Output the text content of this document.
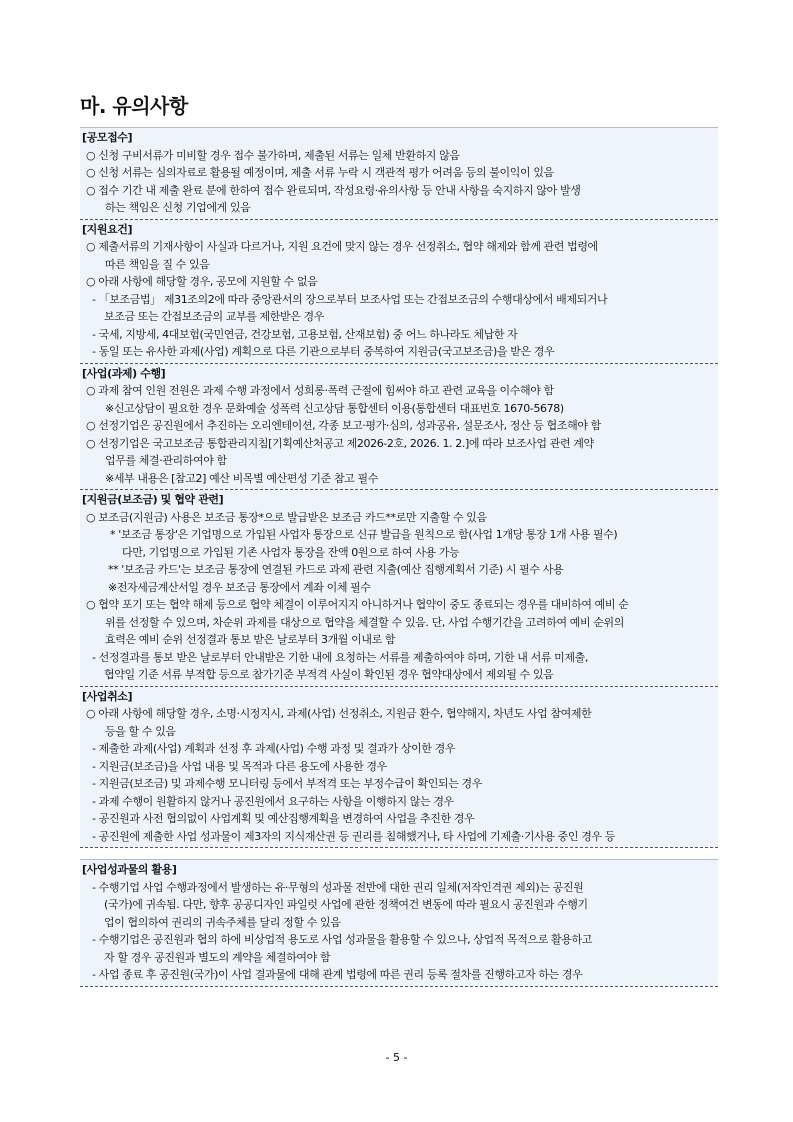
마. 유의사항
[공모접수]
○ 신청 구비서류가 미비할 경우 접수 불가하며, 제출된 서류는 일체 반환하지 않음
○ 신청 서류는 심의자료로 활용될 예정이며, 제출 서류 누락 시 객관적 평가 어려움 등의 불이익이 있음
○ 접수 기간 내 제출 완료 분에 한하여 접수 완료되며, 작성요령·유의사항 등 안내 사항을 숙지하지 않아 발생
하는 책임은 신청 기업에게 있음
[지원요건]
○ 제출서류의 기재사항이 사실과 다르거나, 지원 요건에 맞지 않는 경우 선정취소, 협약 해제와 함께 관련 법령에
따른 책임을 질 수 있음
○ 아래 사항에 해당할 경우, 공모에 지원할 수 없음
- 「보조금법」 제31조의2에 따라 중앙관서의 장으로부터 보조사업 또는 간접보조금의 수행대상에서 배제되거나
보조금 또는 간접보조금의 교부를 제한받은 경우
- 국세, 지방세, 4대보험(국민연금, 건강보험, 고용보험, 산재보험) 중 어느 하나라도 체납한 자
- 동일 또는 유사한 과제(사업) 계획으로 다른 기관으로부터 중복하여 지원금(국고보조금)을 받은 경우
[사업(과제) 수행]
○ 과제 참여 인원 전원은 과제 수행 과정에서 성희롱·폭력 근절에 힘써야 하고 관련 교육을 이수해야 함
※신고상담이 필요한 경우 문화예술 성폭력 신고상담 통합센터 이용(통합센터 대표번호 1670-5678)
○ 선정기업은 공진원에서 추진하는 오리엔테이션, 각종 보고·평가·심의, 성과공유, 설문조사, 정산 등 협조해야 함
○ 선정기업은 국고보조금 통합관리지침[기획예산처공고 제2026-2호, 2026. 1. 2.]에 따라 보조사업 관련 계약
업무를 체결·관리하여야 함
※세부 내용은 [참고2] 예산 비목별 예산편성 기준 참고 필수
[지원금(보조금) 및 협약 관련]
○ 보조금(지원금) 사용은 보조금 통장*으로 발급받은 보조금 카드**로만 지출할 수 있음
* '보조금 통장'은 기업명으로 가입된 사업자 통장으로 신규 발급을 원칙으로 함(사업 1개당 통장 1개 사용 필수)
다만, 기업명으로 가입된 기존 사업자 통장을 잔액 0원으로 하여 사용 가능
** '보조금 카드'는 보조금 통장에 연결된 카드로 과제 관련 지출(예산 집행계획서 기준) 시 필수 사용
※전자세금계산서일 경우 보조금 통장에서 계좌 이체 필수
○ 협약 포기 또는 협약 해제 등으로 협약 체결이 이루어지지 아니하거나 협약이 중도 종료되는 경우를 대비하여 예비 순
위를 선정할 수 있으며, 차순위 과제를 대상으로 협약을 체결할 수 있음. 단, 사업 수행기간을 고려하여 예비 순위의
효력은 예비 순위 선정결과 통보 받은 날로부터 3개월 이내로 함
- 선정결과를 통보 받은 날로부터 안내받은 기한 내에 요청하는 서류를 제출하여야 하며, 기한 내 서류 미제출,
협약일 기준 서류 부적합 등으로 참가기준 부적격 사실이 확인된 경우 협약대상에서 제외될 수 있음
[사업취소]
○ 아래 사항에 해당할 경우, 소명·시정지시, 과제(사업) 선정취소, 지원금 환수, 협약해지, 차년도 사업 참여제한
등을 할 수 있음
- 제출한 과제(사업) 계획과 선정 후 과제(사업) 수행 과정 및 결과가 상이한 경우
- 지원금(보조금)을 사업 내용 및 목적과 다른 용도에 사용한 경우
- 지원금(보조금) 및 과제수행 모니터링 등에서 부적격 또는 부정수급이 확인되는 경우
- 과제 수행이 원활하지 않거나 공진원에서 요구하는 사항을 이행하지 않는 경우
- 공진원과 사전 협의없이 사업계획 및 예산집행계획을 변경하여 사업을 추진한 경우
- 공진원에 제출한 사업 성과물이 제3자의 지식재산권 등 권리를 침해했거나, 타 사업에 기제출·기사용 중인 경우 등
[사업성과물의 활용]
- 수행기업 사업 수행과정에서 발생하는 유·무형의 성과물 전반에 대한 권리 일체(저작인격권 제외)는 공진원
(국가)에 귀속됨. 다만, 향후 공공디자인 파일럿 사업에 관한 정책여건 변동에 따라 필요시 공진원과 수행기
업이 협의하여 권리의 귀속주체를 달리 정할 수 있음
- 수행기업은 공진원과 협의 하에 비상업적 용도로 사업 성과물을 활용할 수 있으나, 상업적 목적으로 활용하고
자 할 경우 공진원과 별도의 계약을 체결하여야 함
- 사업 종료 후 공진원(국가)이 사업 결과물에 대해 관계 법령에 따른 권리 등록 절차를 진행하고자 하는 경우
- 5 -
